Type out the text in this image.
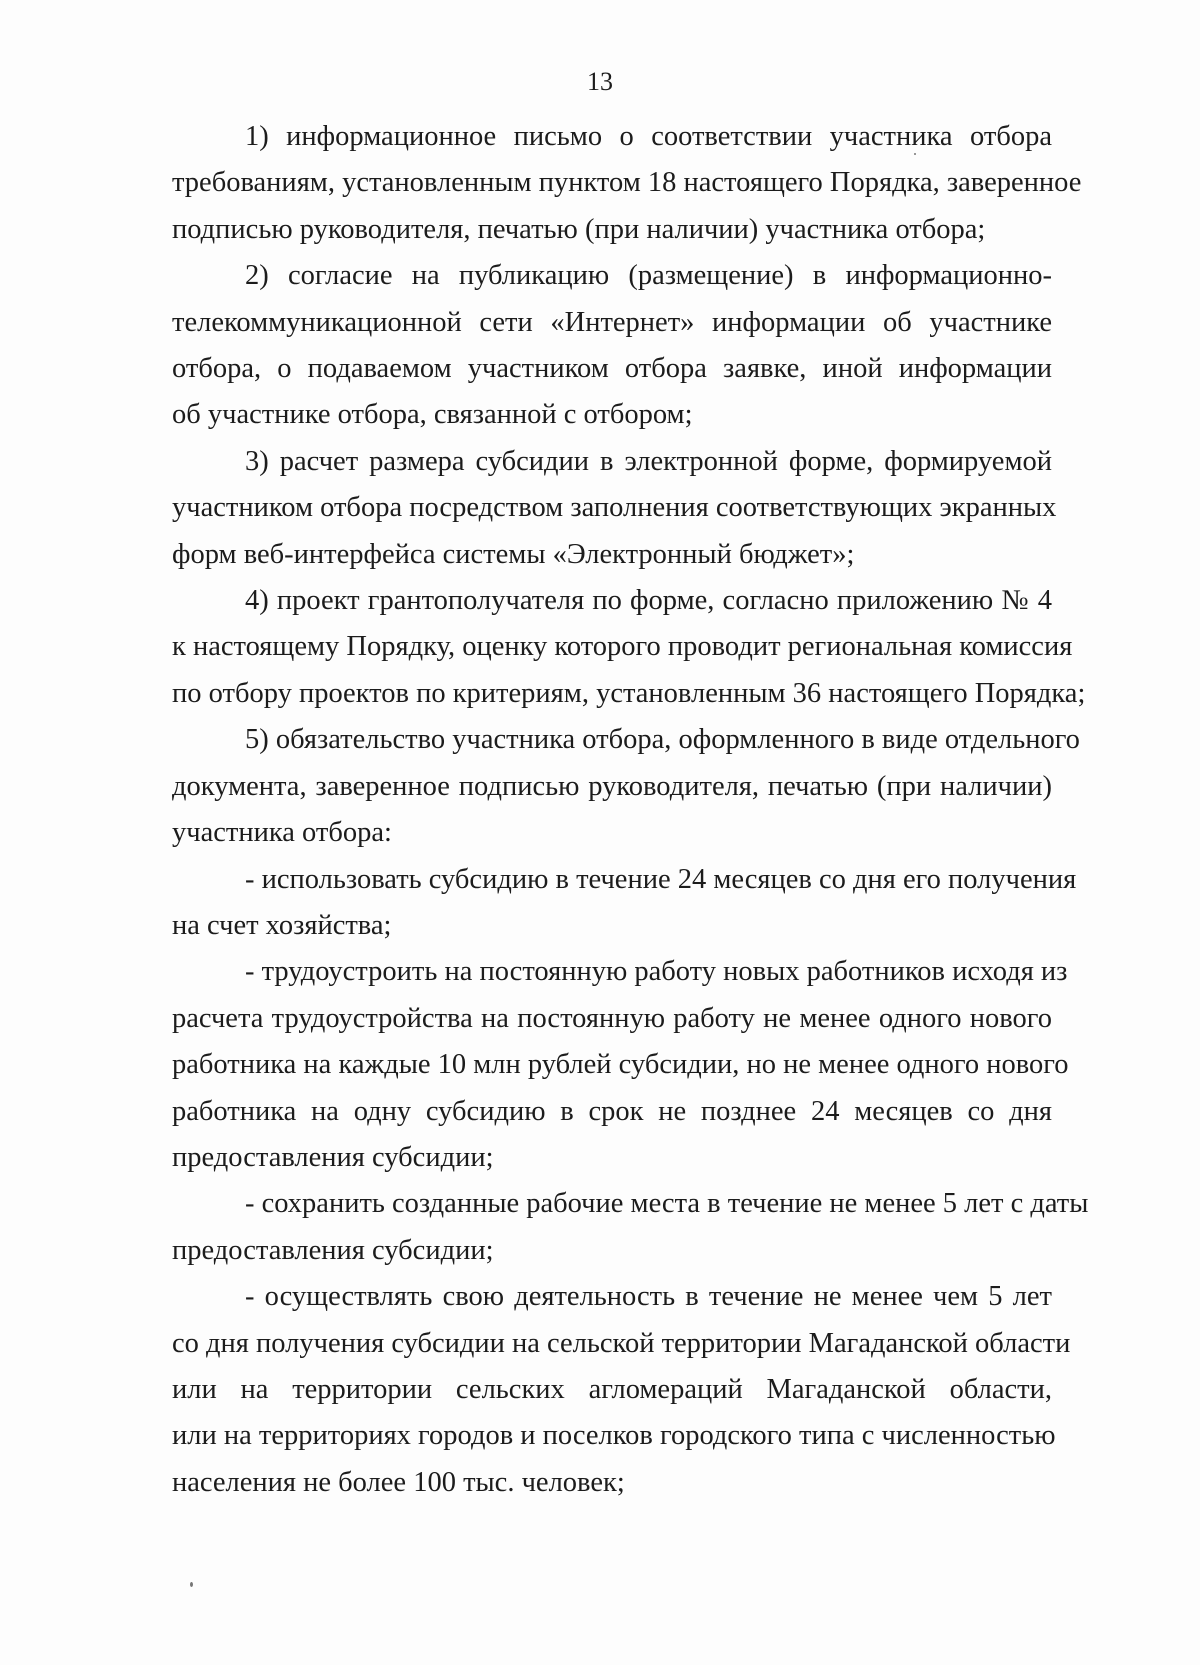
13
1) информационное письмо о соответствии участника отбора
требованиям, установленным пунктом 18 настоящего Порядка, заверенное
подписью руководителя, печатью (при наличии) участника отбора;
2) согласие на публикацию (размещение) в информационно-
телекоммуникационной сети «Интернет» информации об участнике
отбора, о подаваемом участником отбора заявке, иной информации
об участнике отбора, связанной с отбором;
3) расчет размера субсидии в электронной форме, формируемой
участником отбора посредством заполнения соответствующих экранных
форм веб-интерфейса системы «Электронный бюджет»;
4) проект грантополучателя по форме, согласно приложению № 4
к настоящему Порядку, оценку которого проводит региональная комиссия
по отбору проектов по критериям, установленным 36 настоящего Порядка;
5) обязательство участника отбора, оформленного в виде отдельного
документа, заверенное подписью руководителя, печатью (при наличии)
участника отбора:
- использовать субсидию в течение 24 месяцев со дня его получения
на счет хозяйства;
- трудоустроить на постоянную работу новых работников исходя из
расчета трудоустройства на постоянную работу не менее одного нового
работника на каждые 10 млн рублей субсидии, но не менее одного нового
работника на одну субсидию в срок не позднее 24 месяцев со дня
предоставления субсидии;
- сохранить созданные рабочие места в течение не менее 5 лет с даты
предоставления субсидии;
- осуществлять свою деятельность в течение не менее чем 5 лет
со дня получения субсидии на сельской территории Магаданской области
или на территории сельских агломераций Магаданской области,
или на территориях городов и поселков городского типа с численностью
населения не более 100 тыс. человек;
